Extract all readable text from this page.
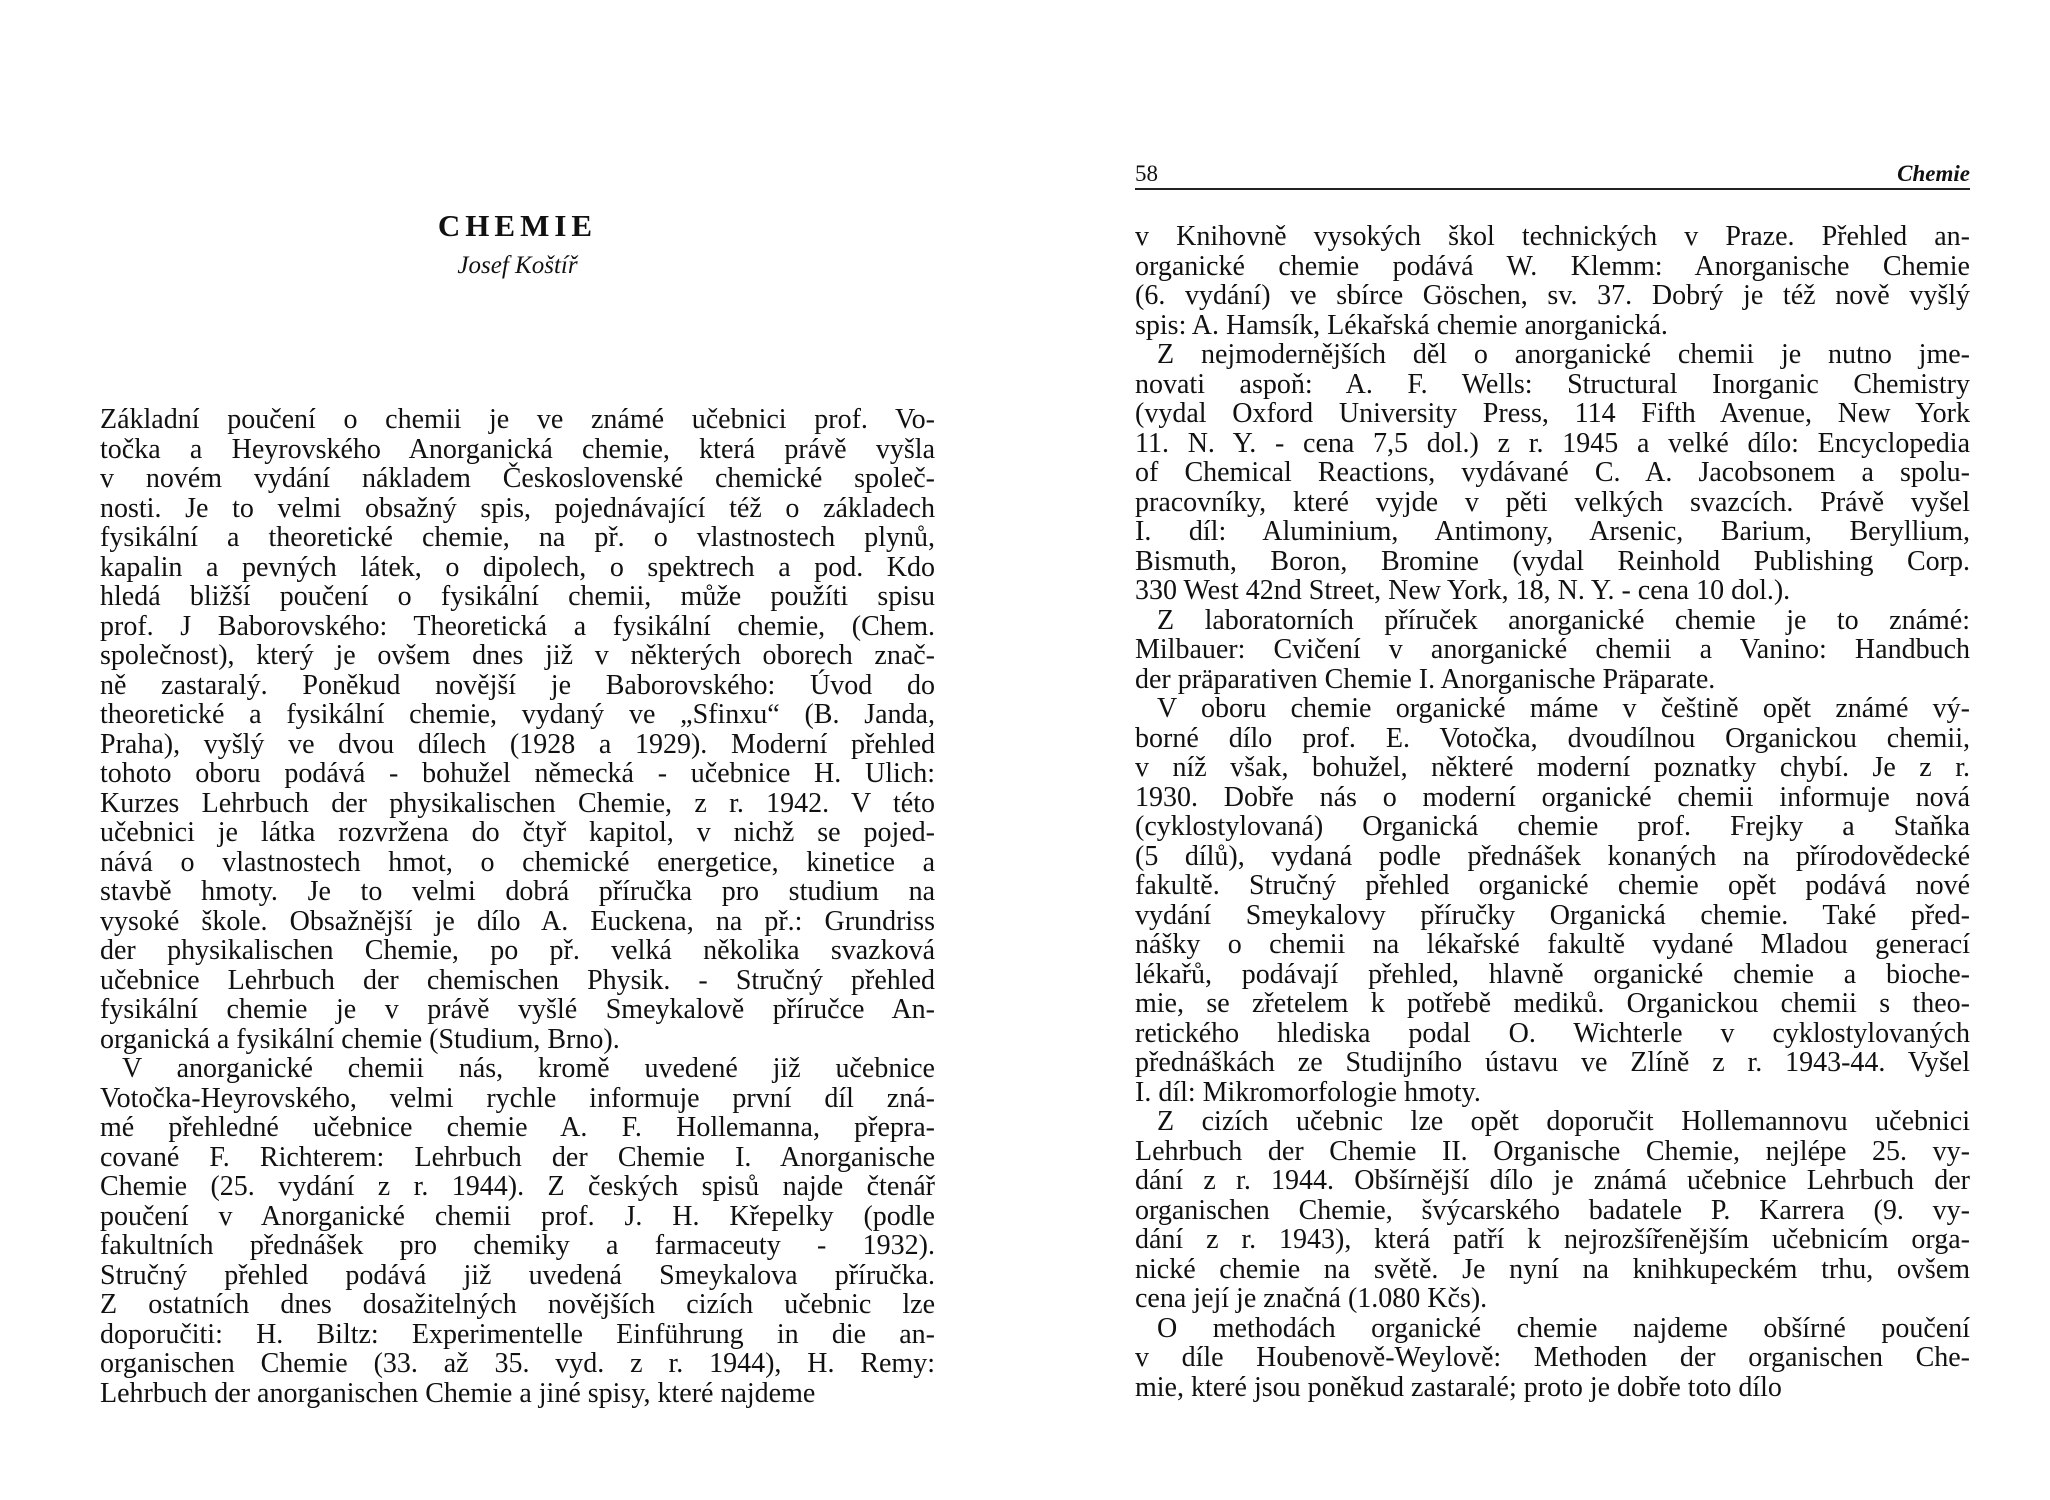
CHEMIE
Josef Koštíř
Základní poučení o chemii je ve známé učebnici prof. Vo-
točka a Heyrovského Anorganická chemie, která právě vyšla
v novém vydání nákladem Československé chemické společ-
nosti. Je to velmi obsažný spis, pojednávající též o základech
fysikální a theoretické chemie, na př. o vlastnostech plynů,
kapalin a pevných látek, o dipolech, o spektrech a pod. Kdo
hledá bližší poučení o fysikální chemii, může použíti spisu
prof. J Baborovského: Theoretická a fysikální chemie, (Chem.
společnost), který je ovšem dnes již v některých oborech znač-
ně zastaralý. Poněkud novější je Baborovského: Úvod do
theoretické a fysikální chemie, vydaný ve „Sfinxu“ (B. Janda,
Praha), vyšlý ve dvou dílech (1928 a 1929). Moderní přehled
tohoto oboru podává - bohužel německá - učebnice H. Ulich:
Kurzes Lehrbuch der physikalischen Chemie, z r. 1942. V této
učebnici je látka rozvržena do čtyř kapitol, v nichž se pojed-
nává o vlastnostech hmot, o chemické energetice, kinetice a
stavbě hmoty. Je to velmi dobrá příručka pro studium na
vysoké škole. Obsažnější je dílo A. Euckena, na př.: Grundriss
der physikalischen Chemie, po př. velká několika svazková
učebnice Lehrbuch der chemischen Physik. - Stručný přehled
fysikální chemie je v právě vyšlé Smeykalově příručce An-
organická a fysikální chemie (Studium, Brno).
V anorganické chemii nás, kromě uvedené již učebnice
Votočka-Heyrovského, velmi rychle informuje první díl zná-
mé přehledné učebnice chemie A. F. Hollemanna, přepra-
cované F. Richterem: Lehrbuch der Chemie I. Anorganische
Chemie (25. vydání z r. 1944). Z českých spisů najde čtenář
poučení v Anorganické chemii prof. J. H. Křepelky (podle
fakultních přednášek pro chemiky a farmaceuty - 1932).
Stručný přehled podává již uvedená Smeykalova příručka.
Z ostatních dnes dosažitelných novějších cizích učebnic lze
doporučiti: H. Biltz: Experimentelle Einführung in die an-
organischen Chemie (33. až 35. vyd. z r. 1944), H. Remy:
Lehrbuch der anorganischen Chemie a jiné spisy, které najdeme
58	Chemie
v Knihovně vysokých škol technických v Praze. Přehled an-
organické chemie podává W. Klemm: Anorganische Chemie
(6. vydání) ve sbírce Göschen, sv. 37. Dobrý je též nově vyšlý
spis: A. Hamsík, Lékařská chemie anorganická.
Z nejmodernějších děl o anorganické chemii je nutno jme-
novati aspoň: A. F. Wells: Structural Inorganic Chemistry
(vydal Oxford University Press, 114 Fifth Avenue, New York
11. N. Y. - cena 7,5 dol.) z r. 1945 a velké dílo: Encyclopedia
of Chemical Reactions, vydávané C. A. Jacobsonem a spolu-
pracovníky, které vyjde v pěti velkých svazcích. Právě vyšel
I. díl: Aluminium, Antimony, Arsenic, Barium, Beryllium,
Bismuth, Boron, Bromine (vydal Reinhold Publishing Corp.
330 West 42nd Street, New York, 18, N. Y. - cena 10 dol.).
Z laboratorních příruček anorganické chemie je to známé:
Milbauer: Cvičení v anorganické chemii a Vanino: Handbuch
der präparativen Chemie I. Anorganische Präparate.
V oboru chemie organické máme v češtině opět známé vý-
borné dílo prof. E. Votočka, dvoudílnou Organickou chemii,
v níž však, bohužel, některé moderní poznatky chybí. Je z r.
1930. Dobře nás o moderní organické chemii informuje nová
(cyklostylovaná) Organická chemie prof. Frejky a Staňka
(5 dílů), vydaná podle přednášek konaných na přírodovědecké
fakultě. Stručný přehled organické chemie opět podává nové
vydání Smeykalovy příručky Organická chemie. Také před-
nášky o chemii na lékařské fakultě vydané Mladou generací
lékařů, podávají přehled, hlavně organické chemie a bioche-
mie, se zřetelem k potřebě mediků. Organickou chemii s theo-
retického hlediska podal O. Wichterle v cyklostylovaných
přednáškách ze Studijního ústavu ve Zlíně z r. 1943-44. Vyšel
I. díl: Mikromorfologie hmoty.
Z cizích učebnic lze opět doporučit Hollemannovu učebnici
Lehrbuch der Chemie II. Organische Chemie, nejlépe 25. vy-
dání z r. 1944. Obšírnější dílo je známá učebnice Lehrbuch der
organischen Chemie, švýcarského badatele P. Karrera (9. vy-
dání z r. 1943), která patří k nejrozšířenějším učebnicím orga-
nické chemie na světě. Je nyní na knihkupeckém trhu, ovšem
cena její je značná (1.080 Kčs).
O methodách organické chemie najdeme obšírné poučení
v díle Houbenově-Weylově: Methoden der organischen Che-
mie, které jsou poněkud zastaralé; proto je dobře toto dílo
